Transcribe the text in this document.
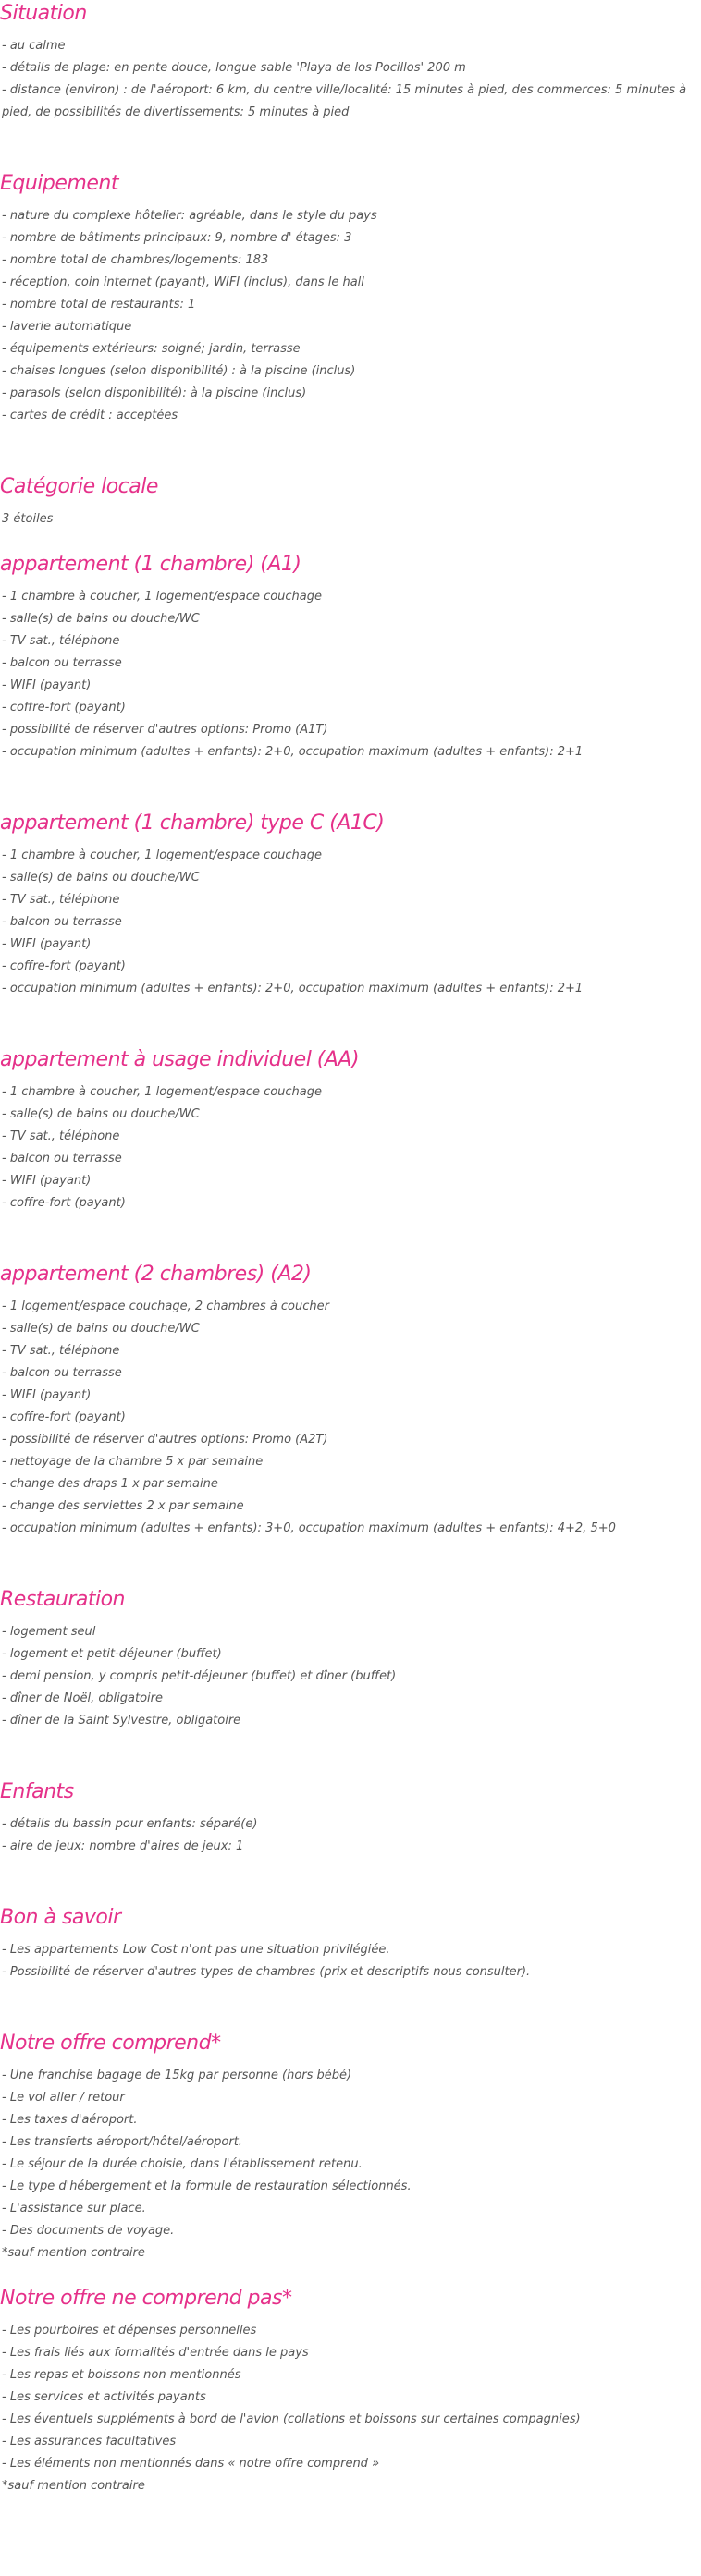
Situation

- au calme

- détails de plage: en pente douce, longue sable 'Playa de los Pocillos' 200 m

- distance (environ) : de l'aéroport: 6 km, du centre ville/localité: 15 minutes à pied, des commerces: 5 minutes à pied, de possibilités de divertissements: 5 minutes à pied

Equipement

- nature du complexe hôtelier: agréable, dans le style du pays

- nombre de bâtiments principaux: 9, nombre d' étages: 3

- nombre total de chambres/logements: 183

- réception, coin internet (payant), WIFI (inclus), dans le hall

- nombre total de restaurants: 1

- laverie automatique

- équipements extérieurs: soigné; jardin, terrasse

- chaises longues (selon disponibilité) : à la piscine (inclus)

- parasols (selon disponibilité): à la piscine (inclus)

- cartes de crédit : acceptées

Catégorie locale

3 étoiles

appartement (1 chambre) (A1)

- 1 chambre à coucher, 1 logement/espace couchage

- salle(s) de bains ou douche/WC

- TV sat., téléphone

- balcon ou terrasse

- WIFI (payant)

- coffre-fort (payant)

- possibilité de réserver d'autres options: Promo (A1T)

- occupation minimum (adultes + enfants): 2+0, occupation maximum (adultes + enfants): 2+1

appartement (1 chambre) type C (A1C)

- 1 chambre à coucher, 1 logement/espace couchage

- salle(s) de bains ou douche/WC

- TV sat., téléphone

- balcon ou terrasse

- WIFI (payant)

- coffre-fort (payant)

- occupation minimum (adultes + enfants): 2+0, occupation maximum (adultes + enfants): 2+1

appartement à usage individuel (AA)

- 1 chambre à coucher, 1 logement/espace couchage

- salle(s) de bains ou douche/WC

- TV sat., téléphone

- balcon ou terrasse

- WIFI (payant)

- coffre-fort (payant)

appartement (2 chambres) (A2)

- 1 logement/espace couchage, 2 chambres à coucher

- salle(s) de bains ou douche/WC

- TV sat., téléphone

- balcon ou terrasse

- WIFI (payant)

- coffre-fort (payant)

- possibilité de réserver d'autres options: Promo (A2T)

- nettoyage de la chambre 5 x par semaine

- change des draps 1 x par semaine

- change des serviettes 2 x par semaine

- occupation minimum (adultes + enfants): 3+0, occupation maximum (adultes + enfants): 4+2, 5+0

Restauration

- logement seul

- logement et petit-déjeuner (buffet)

- demi pension, y compris petit-déjeuner (buffet) et dîner (buffet)

- dîner de Noël, obligatoire

- dîner de la Saint Sylvestre, obligatoire

Enfants

- détails du bassin pour enfants: séparé(e)

- aire de jeux: nombre d'aires de jeux: 1

Bon à savoir

- Les appartements Low Cost n'ont pas une situation privilégiée.

- Possibilité de réserver d'autres types de chambres (prix et descriptifs nous consulter).

Notre offre comprend*

- Une franchise bagage de 15kg par personne (hors bébé)

- Le vol aller / retour

- Les taxes d'aéroport.

- Les transferts aéroport/hôtel/aéroport.

- Le séjour de la durée choisie, dans l'établissement retenu.

- Le type d'hébergement et la formule de restauration sélectionnés.

- L'assistance sur place.

- Des documents de voyage.

*sauf mention contraire

Notre offre ne comprend pas*

- Les pourboires et dépenses personnelles

- Les frais liés aux formalités d'entrée dans le pays

- Les repas et boissons non mentionnés

- Les services et activités payants

- Les éventuels suppléments à bord de l'avion (collations et boissons sur certaines compagnies)

- Les assurances facultatives

- Les éléments non mentionnés dans « notre offre comprend »

*sauf mention contraire
